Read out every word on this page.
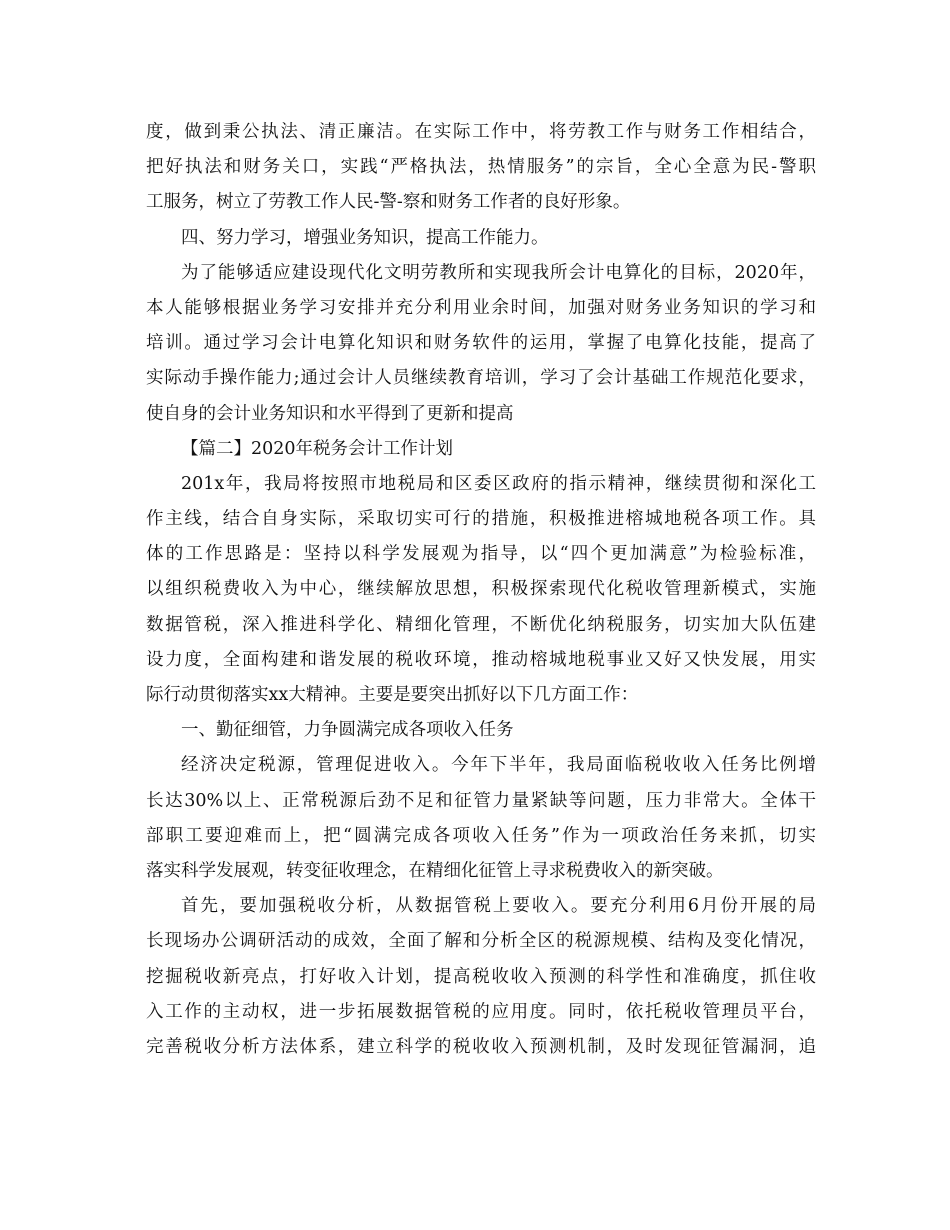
度，做到秉公执法、清正廉洁。在实际工作中，将劳教工作与财务工作相结合，
把好执法和财务关口，实践“严格执法，热情服务”的宗旨，全心全意为民-警职
工服务，树立了劳教工作人民-警-察和财务工作者的良好形象。
四、努力学习，增强业务知识，提高工作能力。
为了能够适应建设现代化文明劳教所和实现我所会计电算化的目标，2020年，
本人能够根据业务学习安排并充分利用业余时间，加强对财务业务知识的学习和
培训。通过学习会计电算化知识和财务软件的运用，掌握了电算化技能，提高了
实际动手操作能力;通过会计人员继续教育培训，学习了会计基础工作规范化要求，
使自身的会计业务知识和水平得到了更新和提高
【篇二】2020年税务会计工作计划
201x年，我局将按照市地税局和区委区政府的指示精神，继续贯彻和深化工
作主线，结合自身实际，采取切实可行的措施，积极推进榕城地税各项工作。具
体的工作思路是：坚持以科学发展观为指导，以“四个更加满意”为检验标准，
以组织税费收入为中心，继续解放思想，积极探索现代化税收管理新模式，实施
数据管税，深入推进科学化、精细化管理，不断优化纳税服务，切实加大队伍建
设力度，全面构建和谐发展的税收环境，推动榕城地税事业又好又快发展，用实
际行动贯彻落实xx大精神。主要是要突出抓好以下几方面工作：
一、勤征细管，力争圆满完成各项收入任务
经济决定税源，管理促进收入。今年下半年，我局面临税收收入任务比例增
长达30%以上、正常税源后劲不足和征管力量紧缺等问题，压力非常大。全体干
部职工要迎难而上，把“圆满完成各项收入任务”作为一项政治任务来抓，切实
落实科学发展观，转变征收理念，在精细化征管上寻求税费收入的新突破。
首先，要加强税收分析，从数据管税上要收入。要充分利用6月份开展的局
长现场办公调研活动的成效，全面了解和分析全区的税源规模、结构及变化情况，
挖掘税收新亮点，打好收入计划，提高税收收入预测的科学性和准确度，抓住收
入工作的主动权，进一步拓展数据管税的应用度。同时，依托税收管理员平台，
完善税收分析方法体系，建立科学的税收收入预测机制，及时发现征管漏洞，追
